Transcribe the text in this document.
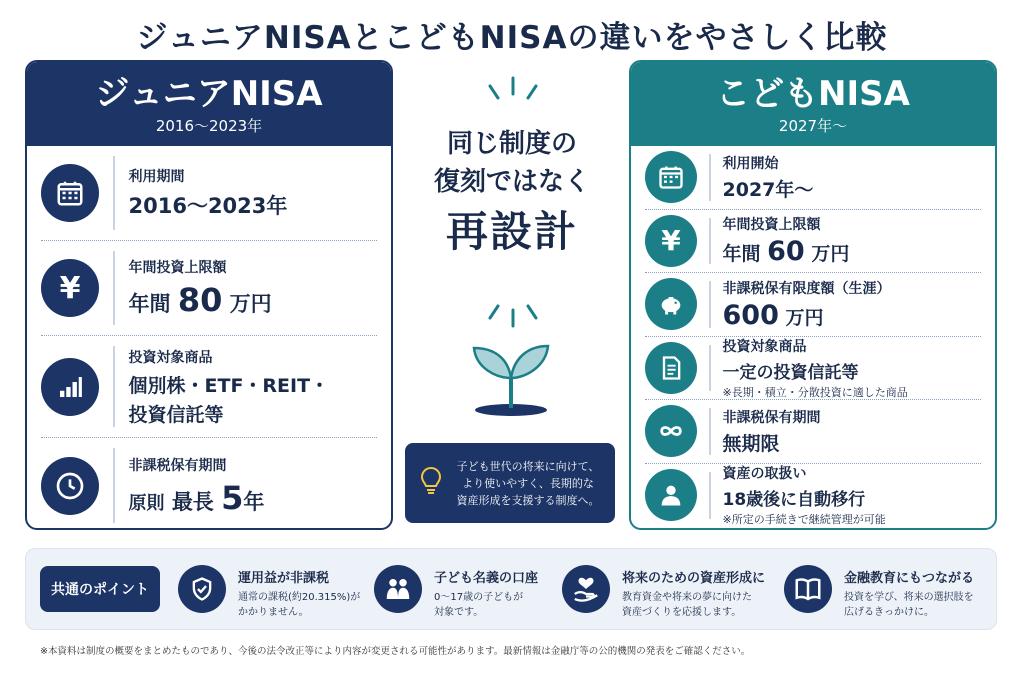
ジュニアNISAとこどもNISAの違いをやさしく比較
ジュニアNISA
2016～2023年
利用期間
2016～2023年
¥
年間投資上限額
年間 80 万円
投資対象商品
個別株・ETF・REIT・
投資信託等
非課税保有期間
原則 最長 5年
同じ制度の
復刻ではなく
再設計
子ども世代の将来に向けて、
より使いやすく、長期的な
資産形成を支援する制度へ。
こどもNISA
2027年～
利用開始
2027年～
¥	年間投資上限額
年間 60 万円
非課税保有限度額（生涯）
600 万円
投資対象商品
一定の投資信託等
※長期・積立・分散投資に適した商品
非課税保有期間
無期限
資産の取扱い
18歳後に自動移行
※所定の手続きで継続管理が可能
共通のポイント
運用益が非課税
通常の課税(約20.315%)が
かかりません。
子ども名義の口座
0～17歳の子どもが
対象です。
将来のための資産形成に
教育資金や将来の夢に向けた
資産づくりを応援します。
金融教育にもつながる
投資を学び、将来の選択肢を
広げるきっかけに。
※本資料は制度の概要をまとめたものであり、今後の法令改正等により内容が変更される可能性があります。最新情報は金融庁等の公的機関の発表をご確認ください。
